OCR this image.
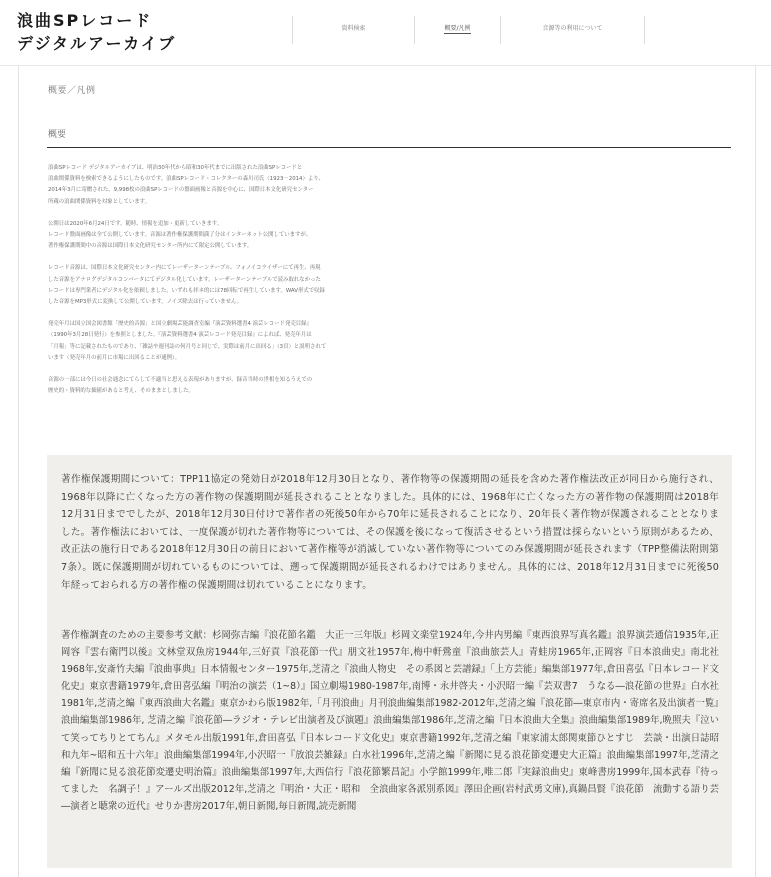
浪曲SPレコード
デジタルアーカイブ
資料検索	概要/凡例	音源等の利用について
概要／凡例
概要

浪曲SPレコード デジタルアーカイブは、明治30年代から昭和30年代までに出版された浪曲SPレコードと
浪曲関係資料を検索できるようにしたものです。浪曲SPレコード・コレクターの森川司氏（1923－2014）より、
2014年3月に寄贈された、9,998枚の浪曲SPレコードの盤面画像と音源を中心に、国際日本文化研究センター
所蔵の浪曲関係資料を対象としています。

公開日は2020年6月24日です。随時、情報を追加・更新していきます。
レコード盤面画像は全て公開しています。音源は著作権保護期間満了分はインターネット公開していますが、
著作権保護期間中の音源は国際日本文化研究センター所内にて限定公開しています。

レコード音源は、国際日本文化研究センター内にてレーザーターンテーブル、フォノイコライザーにて再生、再現
した音源をアナログデジタルコンバータにてデジタル化しています。レーザーターンテーブルで読み取れなかった
レコードは専門業者にデジタル化を依頼しました。いずれも拝ネ的には78回転で再生しています。WAV形式で収録
した音源をMP3形式に変換して公開しています。ノイズ除去は行っていません。

発売年月は国立国会図書館「歴史的音源」と国立劇場芸能調査室編『演芸資料選書4 演芸レコード発売目録』
（1990年3月28日発行）を参照としました。『演芸資料選書4 演芸レコード発売目録』によれば、発売年月は
「月報」等に記載されたものであり、「雑誌や週刊誌の何月号と同じで、実際は前月に出回る」（3頁）と説明されて
います（発売年月の前月に市場に出回ることが通例）。

音源の一部には今日の社会通念にてらして不適当と思える表現がありますが、録音当時の世相を知るうえでの
歴史的・資料的な価値があると考え、そのままとしました。

著作権保護期間について：TPP11協定の発効日が2018年12月30日となり、著作物等の保護期間の延長を含めた著作権法改正が同日から施行され、1968年以降に亡くなった方の著作物の保護期間が延長されることとなりました。具体的には、1968年に亡くなった方の著作物の保護期間は2018年12月31日まででしたが、2018年12月30日付けで著作者の死後50年から70年に延長されることになり、20年長く著作物が保護されることとなりました。著作権法においては、一度保護が切れた著作物等については、その保護を後になって復活させるという措置は採らないという原則があるため、改正法の施行日である2018年12月30日の前日において著作権等が消滅していない著作物等についてのみ保護期間が延長されます（TPP整備法附則第7条）。既に保護期間が切れているものについては、遡って保護期間が延長されるわけではありません。具体的には、2018年12月31日までに死後50年経っておられる方の著作権の保護期間は切れていることになります。

著作権調査のための主要参考文献：杉岡弥吉編『浪花節名鑑　大正一三年版』杉岡文楽堂1924年,今井内男編『東西浪界写真名鑑』浪界演芸通信1935年,正岡容『雲右衛門以後』文林堂双魚房1944年,三好貢『浪花節一代』朋文社1957年,梅中軒鶯童『浪曲旅芸人』青蛙房1965年,正岡容『日本浪曲史』南北社1968年,安斎竹夫編『浪曲事典』日本情報センター1975年,芝清之『浪曲人物史　その系図と芸譜録』「上方芸能」編集部1977年,倉田喜弘『日本レコード文化史』東京書籍1979年,倉田喜弘編『明治の演芸（1~8）』国立劇場1980-1987年,南博・永井啓夫・小沢昭一編『芸双書7　うなる―浪花節の世界』白水社1981年,芝清之編『東西浪曲大名鑑』東京かわら版1982年,「月刊浪曲」月刊浪曲編集部1982-2012年,芝清之編『浪花節―東京市内・寄席名及出演者一覧』浪曲編集部1986年, 芝清之編『浪花節―ラジオ・テレビ出演者及び演題』浪曲編集部1986年,芝清之編『日本浪曲大全集』浪曲編集部1989年,晩照夫『泣いて笑ってちりとてちん』メタモル出版1991年,倉田喜弘『日本レコード文化史』東京書籍1992年,芝清之編『東家浦太郎関東節ひとすじ　芸談・出演日誌昭和九年~昭和五十六年』浪曲編集部1994年,小沢昭一『放浪芸雑録』白水社1996年,芝清之編『新聞に見る浪花節変遷史大正篇』浪曲編集部1997年,芝清之編『新聞に見る浪花節変遷史明治篇』浪曲編集部1997年,大西信行『浪花節繁昌記』小学館1999年,唯二郎『実録浪曲史』東峰書房1999年,国本武春『待ってました　名調子！』アールズ出版2012年,芝清之『明治・大正・昭和　全浪曲家各派別系図』澤田企画(岩村武勇文庫),真鍋昌賢『浪花節　流動する語り芸―演者と聴衆の近代』せりか書房2017年,朝日新聞,毎日新聞,読売新聞
